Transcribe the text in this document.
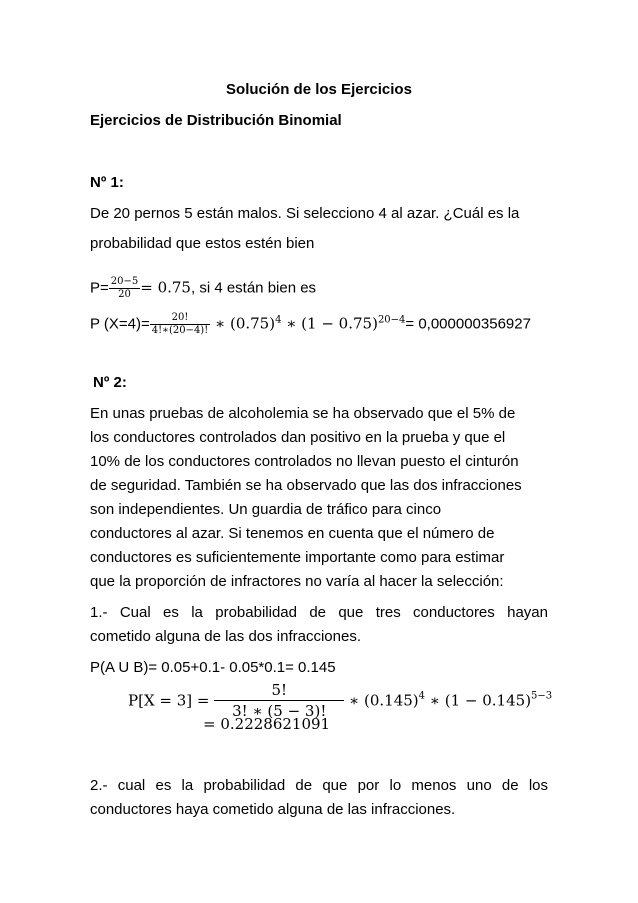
Solución de los Ejercicios
Ejercicios de Distribución Binomial
Nº 1:
De 20 pernos 5 están malos. Si selecciono 4 al azar. ¿Cuál es la
probabilidad que estos estén bien
$P= \frac{20-5}{20} = 0.75$, si 4 están bien es
P $(X=4)= \frac{20!}{4!∗(20-4)!}$ ∗ $(0.75)^4$ ∗ $(1 - 0.75)^{20-4}= 0,000000356927$
Nº 2:
En unas pruebas de alcoholemia se ha observado que el 5% de
los conductores controlados dan positivo en la prueba y que el
10% de los conductores controlados no llevan puesto el cinturón
de seguridad. También se ha observado que las dos infracciones
son independientes. Un guardia de tráfico para cinco
conductores al azar. Si tenemos en cuenta que el número de
conductores es suficientemente importante como para estimar
que la proporción de infractores no varía al hacer la selección:
1.- Cual es la probabilidad de que tres conductores hayan
cometido alguna de las dos infracciones.
P(A U B)= 0.05+0.1- 0.05*0.1= 0.145
$P[X = 3] = \frac{5!}{3! ∗ (5 - 3)!}$ ∗ $(0.145)^4$ ∗ $(1 - 0.145)^{5-3}$
= 0.2228621091
2.- cual es la probabilidad de que por lo menos uno de los
conductores haya cometido alguna de las infracciones.
